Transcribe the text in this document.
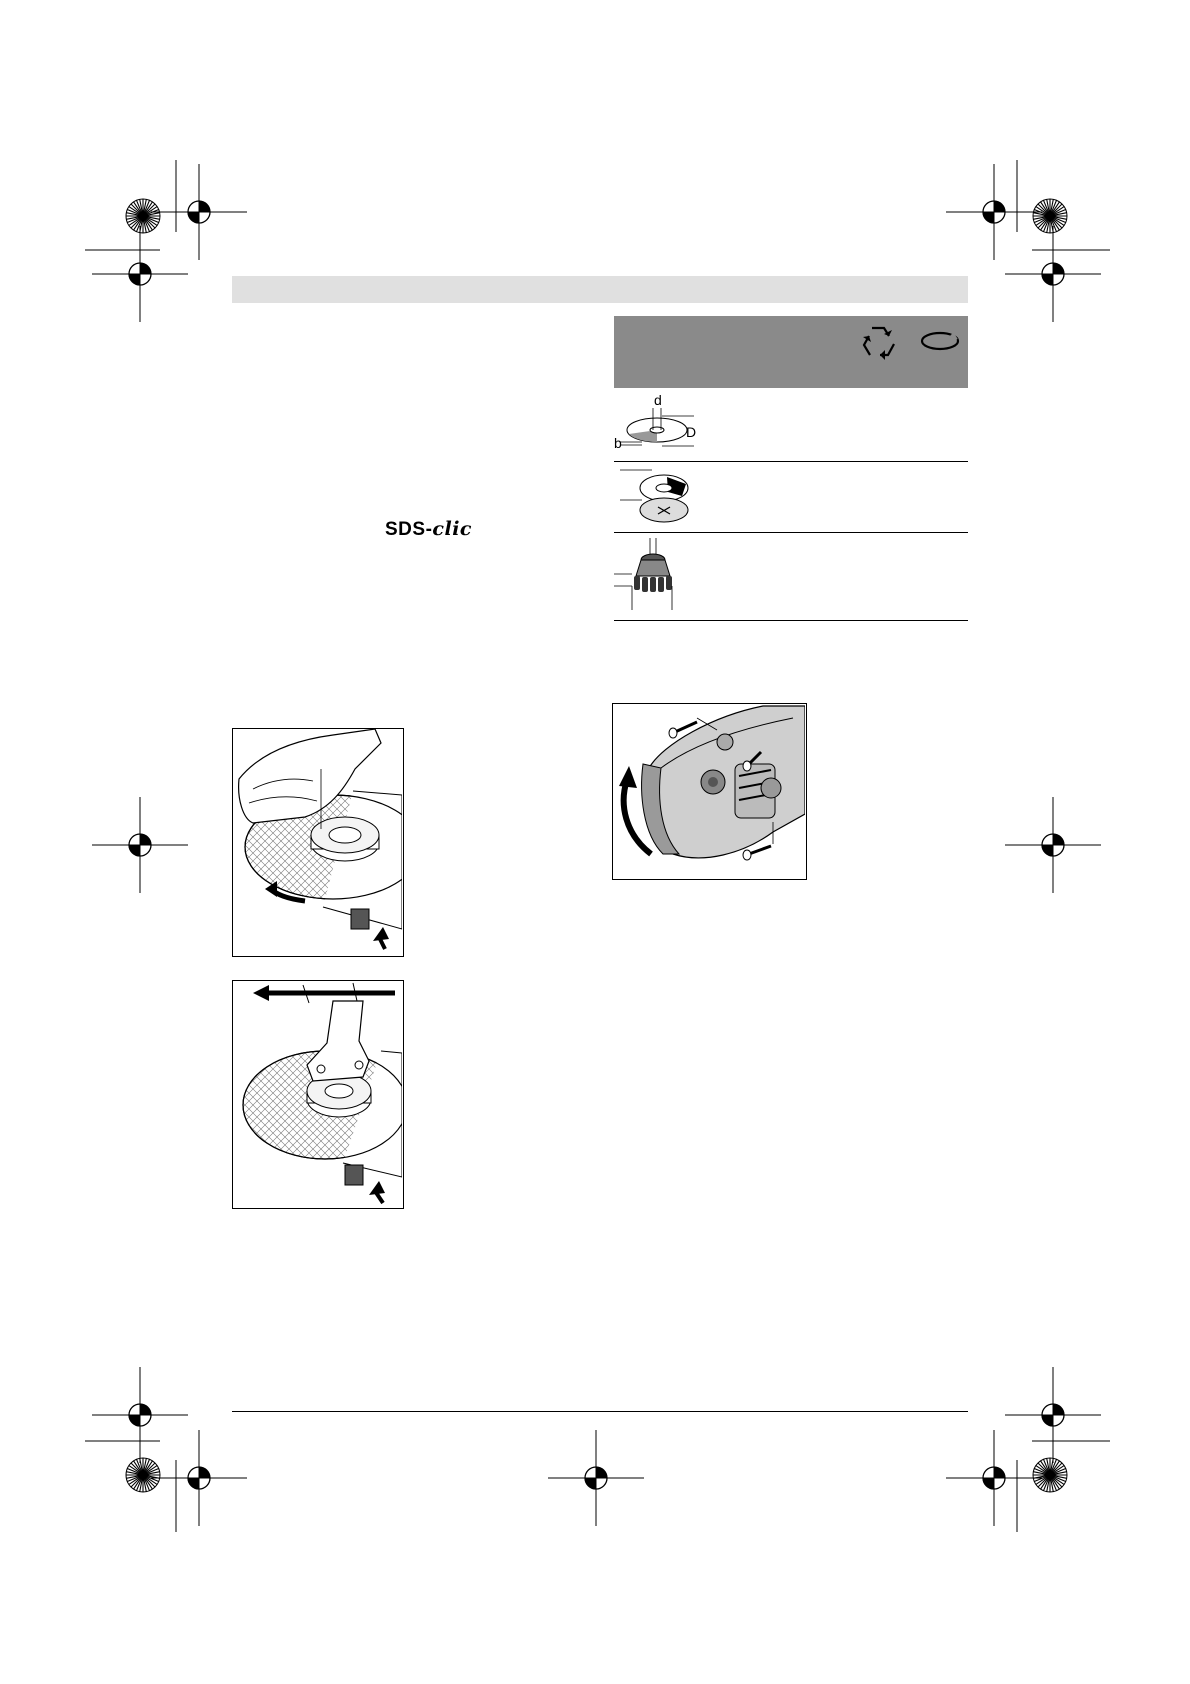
SDS-clic
d
D
b
